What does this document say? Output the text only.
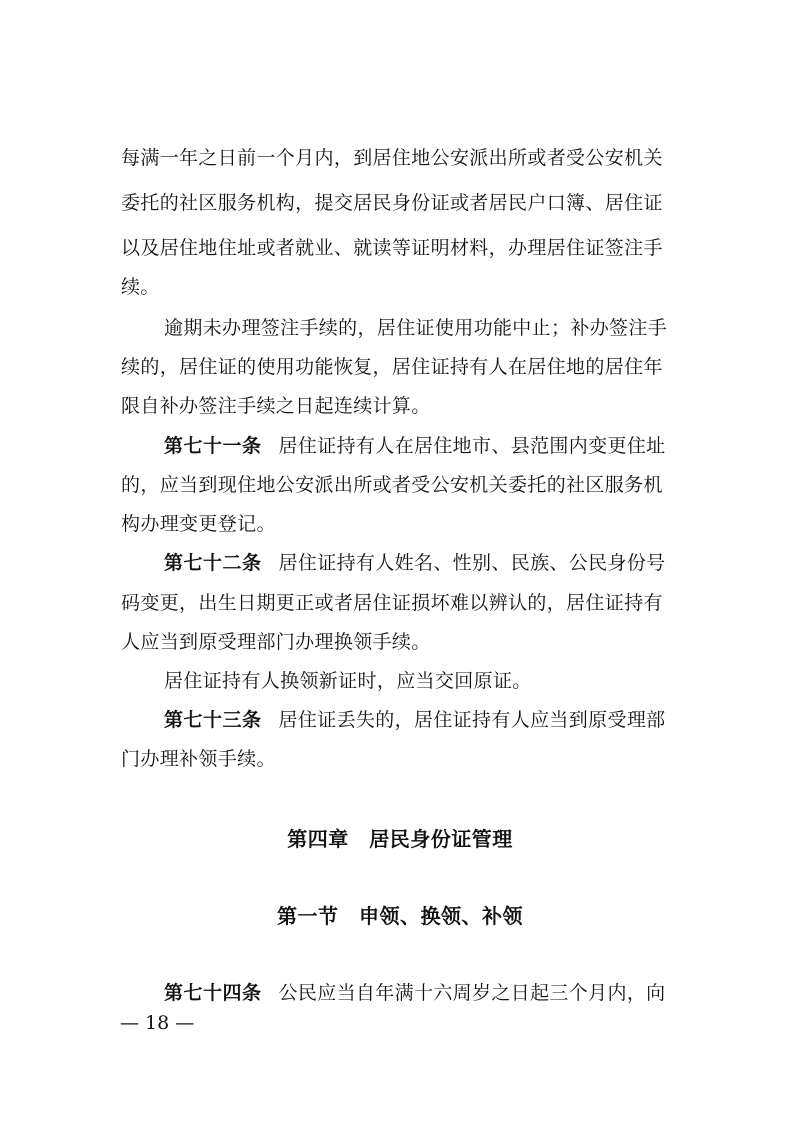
每满一年之日前一个月内，到居住地公安派出所或者受公安机关
委托的社区服务机构，提交居民身份证或者居民户口簿、居住证
以及居住地住址或者就业、就读等证明材料，办理居住证签注手
续。
逾期未办理签注手续的，居住证使用功能中止；补办签注手
续的，居住证的使用功能恢复，居住证持有人在居住地的居住年
限自补办签注手续之日起连续计算。
第七十一条 居住证持有人在居住地市、县范围内变更住址
的，应当到现住地公安派出所或者受公安机关委托的社区服务机
构办理变更登记。
第七十二条 居住证持有人姓名、性别、民族、公民身份号
码变更，出生日期更正或者居住证损坏难以辨认的，居住证持有
人应当到原受理部门办理换领手续。
居住证持有人换领新证时，应当交回原证。
第七十三条 居住证丢失的，居住证持有人应当到原受理部
门办理补领手续。
第四章　居民身份证管理
第一节　申领、换领、补领
第七十四条 公民应当自年满十六周岁之日起三个月内，向
— 18 —
